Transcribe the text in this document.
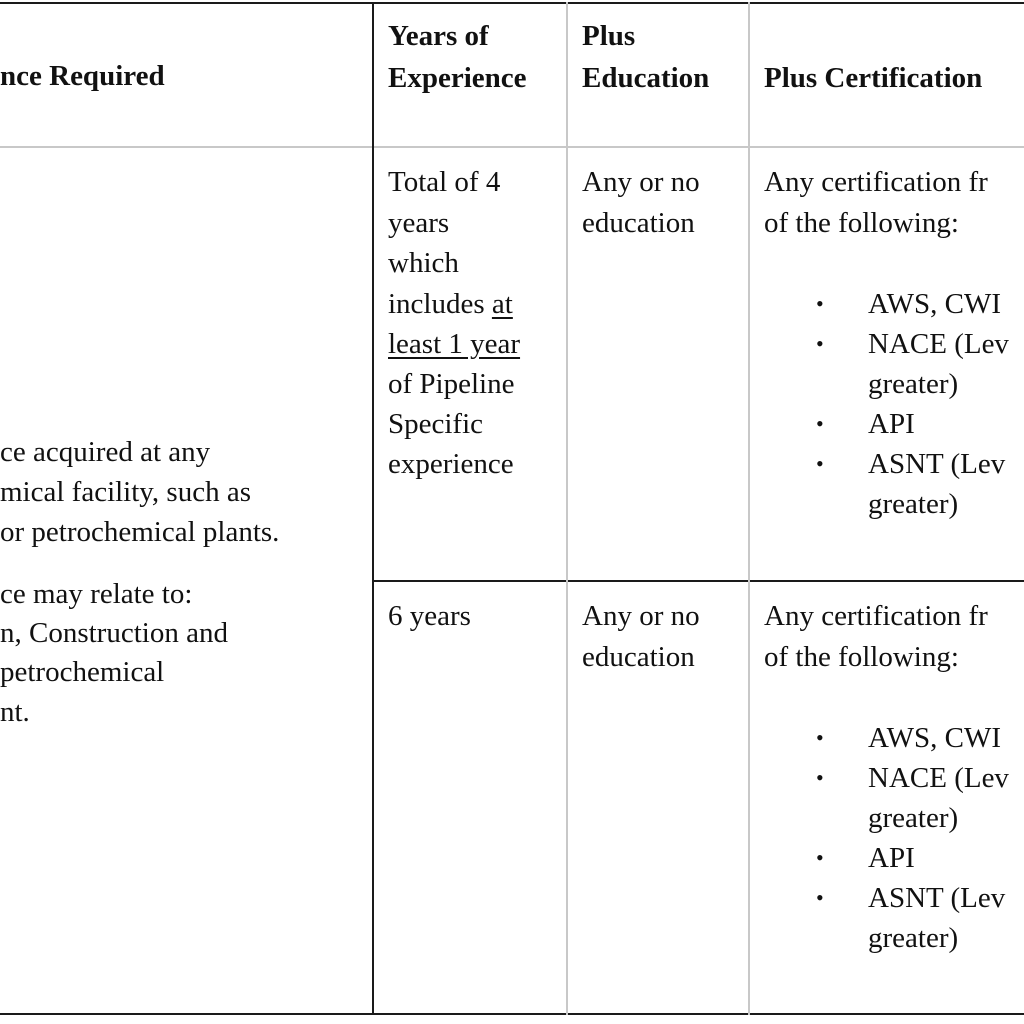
nce Required
Years of
Experience
Plus
Education Plus Certification
ce acquired at any
mical facility, such as
or petrochemical plants.
ce may relate to:
n, Construction and
petrochemical
nt.
Total of 4
years
which
includes at
least 1 year
of Pipeline
Specific
experience
Any or no
education
Any certification fr
of the following:
• AWS, CWI
• NACE (Lev
greater)
• API
• ASNT (Lev
greater)
6 years	Any or no
education
Any certification fr
of the following:
• AWS, CWI
• NACE (Lev
greater)
• API
• ASNT (Lev
greater)
